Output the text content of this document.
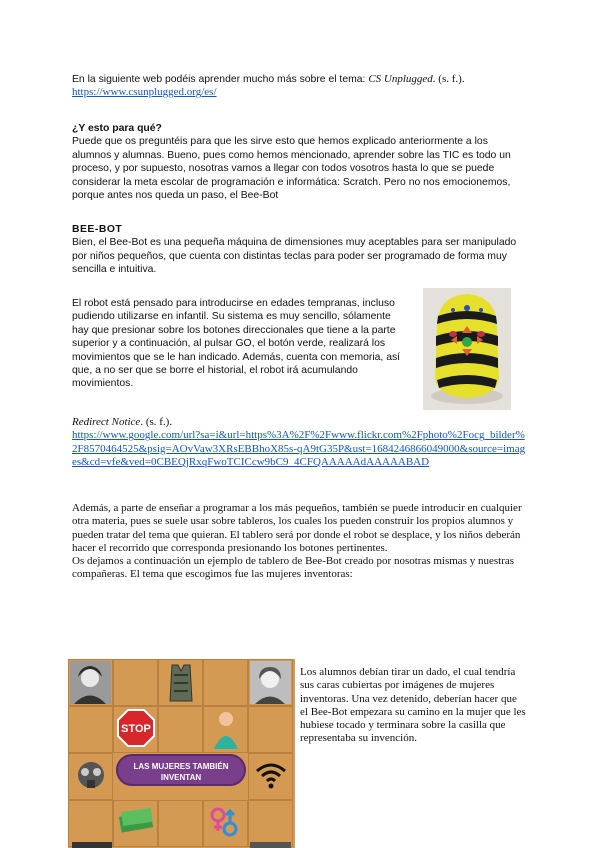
En la siguiente web podéis aprender mucho más sobre el tema: CS Unplugged. (s. f.).

https://www.csunplugged.org/es/

¿Y esto para qué?

Puede que os preguntéis para que les sirve esto que hemos explicado anteriormente a los alumnos y alumnas. Bueno, pues como hemos mencionado, aprender sobre las TIC es todo un proceso, y por supuesto, nosotras vamos a llegar con todos vosotros hasta lo que se puede considerar la meta escolar de programación e informática: Scratch. Pero no nos emocionemos, porque antes nos queda un paso, el Bee-Bot

BEE-BOT

Bien, el Bee-Bot es una pequeña máquina de dimensiones muy aceptables para ser manipulado por niños pequeños, que cuenta con distintas teclas para poder ser programado de forma muy sencilla e intuitiva.

El robot está pensado para introducirse en edades tempranas, incluso pudiendo utilizarse en infantil. Su sistema es muy sencillo, sólamente hay que presionar sobre los botones direccionales que tiene a la parte superior y a continuación, al pulsar GO, el botón verde, realizará los movimientos que se le han indicado. Además, cuenta con memoria, así que, a no ser que se borre el historial, el robot irá acumulando movimientos.

Redirect Notice. (s. f.).

https://www.google.com/url?sa=i&url=https%3A%2F%2Fwww.flickr.com%2Fphoto%2Focg_bilder%2F8570464525&psig=AOvVaw3XRsEBBhoX85s-qA9tG35P&ust=1684246866049000&source=images&cd=vfe&ved=0CBEQjRxqFwoTCICcw9bC9_4CFQAAAAAdAAAAABAD

Además, a parte de enseñar a programar a los más pequeños, también se puede introducir en cualquier otra materia, pues se suele usar sobre tableros, los cuales los pueden construir los propios alumnos y pueden tratar del tema que quieran. El tablero será por donde el robot se desplace, y los niños deberán hacer el recorrido que corresponda presionando los botones pertinentes.

Os dejamos a continuación un ejemplo de tablero de Bee-Bot creado por nosotras mismas y nuestras compañeras. El tema que escogimos fue las mujeres inventoras:

STOP
LAS MUJERES TAMBIÉN INVENTAN

Los alumnos debían tirar un dado, el cual tendría sus caras cubiertas por imágenes de mujeres inventoras. Una vez detenido, deberían hacer que el Bee-Bot empezara su camino en la mujer que les hubiese tocado y terminara sobre la casilla que representaba su invención.
